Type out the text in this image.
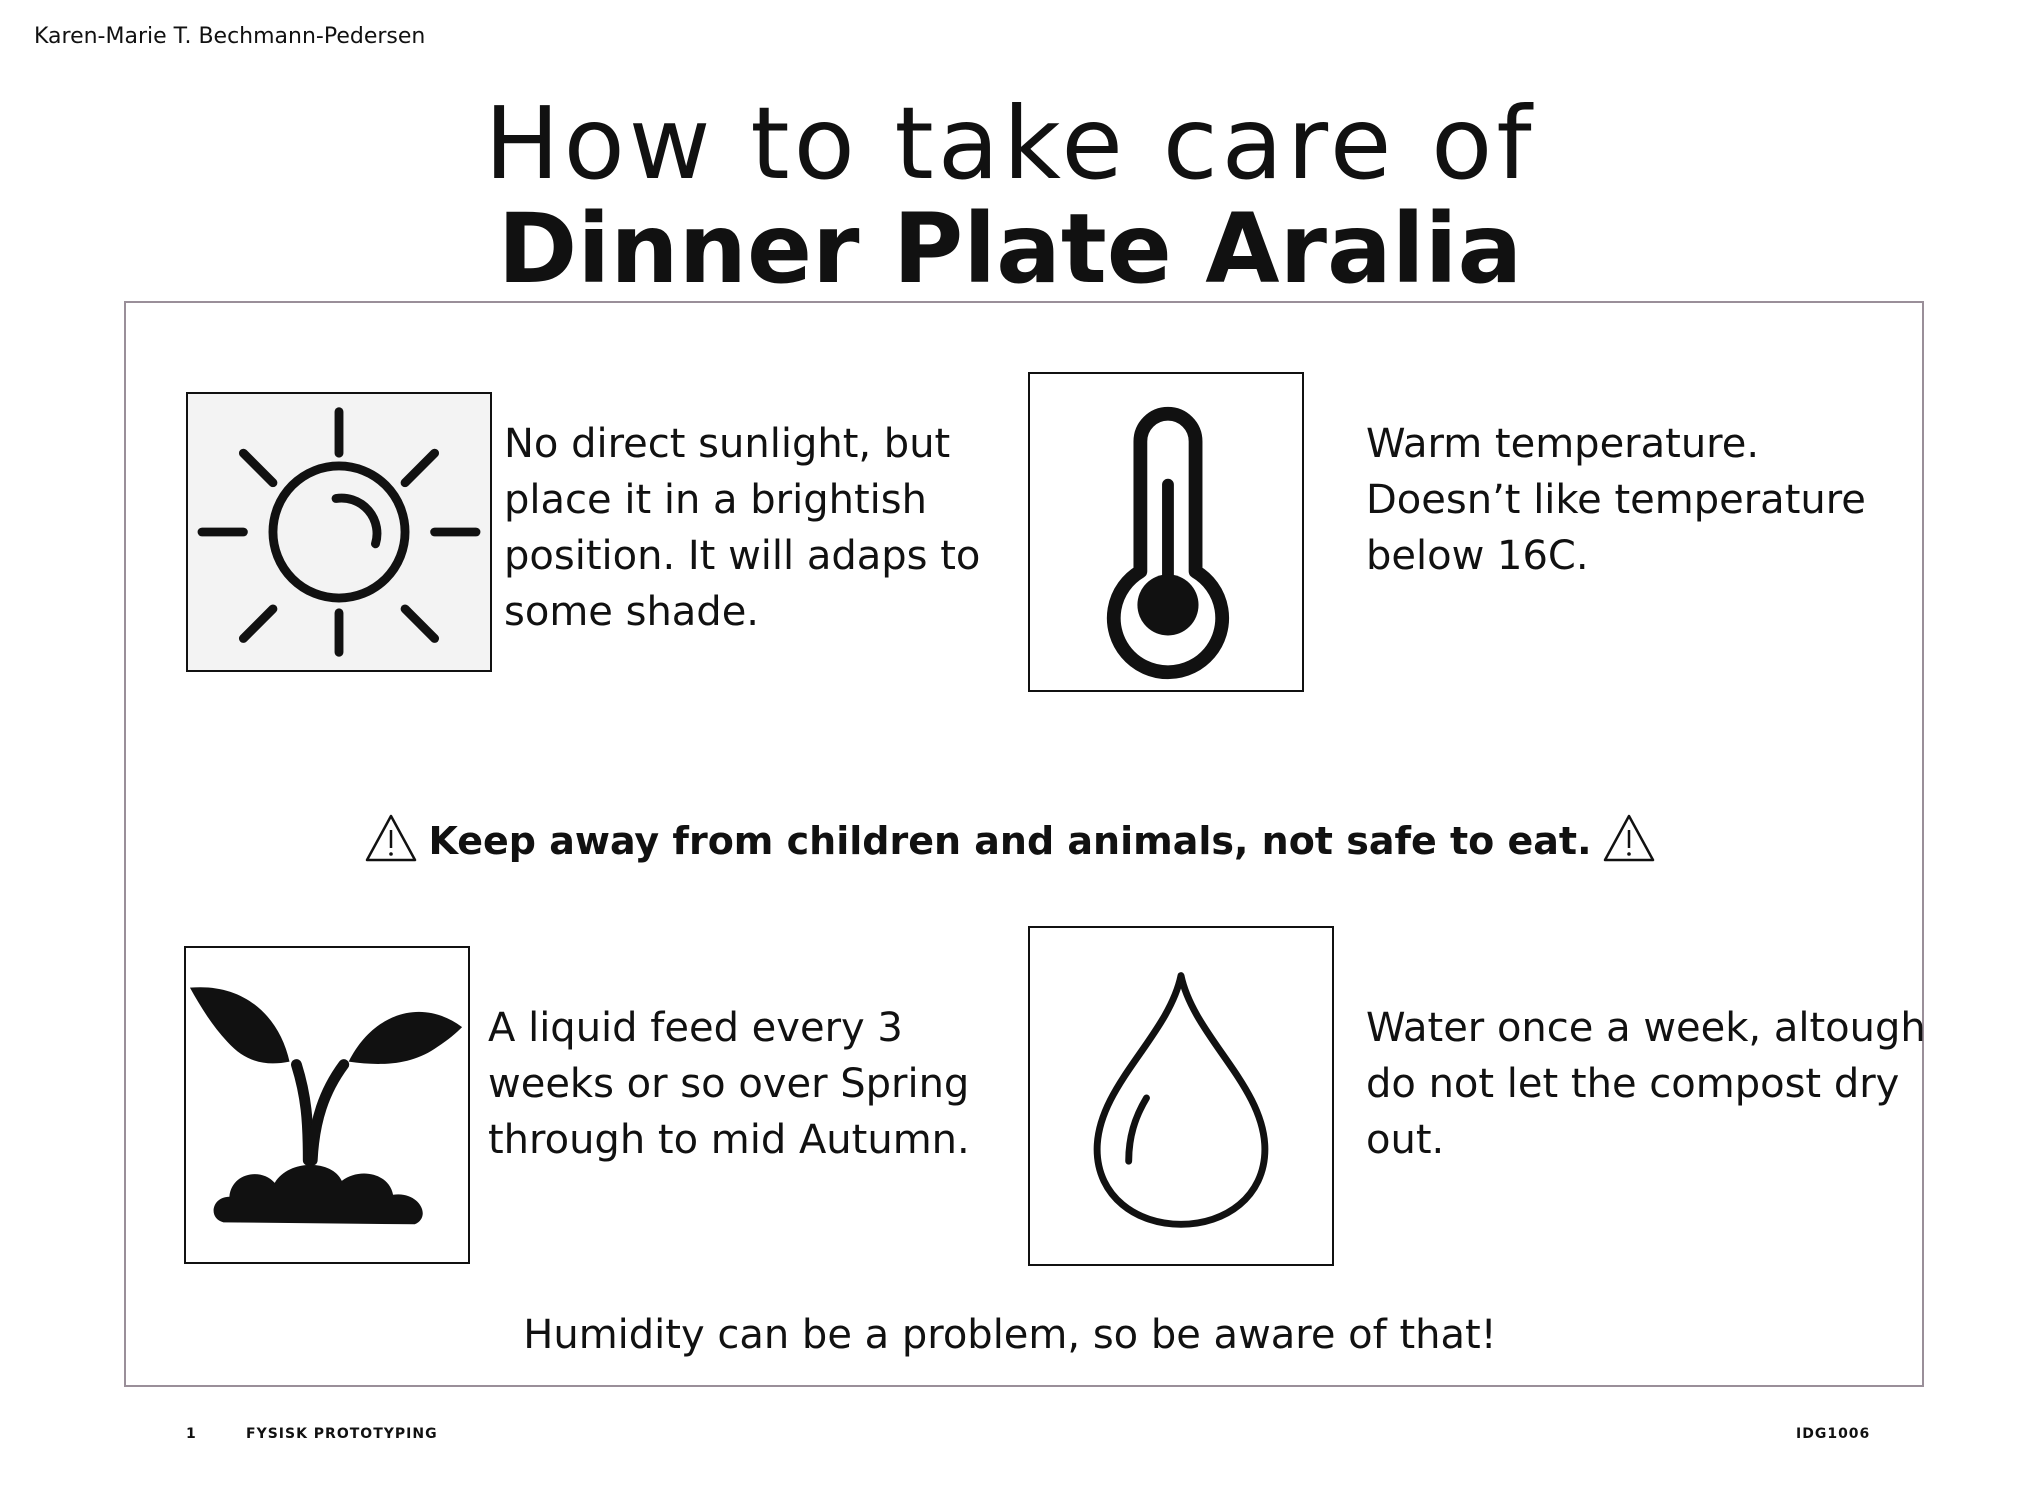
Karen-Marie T. Bechmann-Pedersen
How to take care of
Dinner Plate Aralia
No direct sunlight, but place it in a brightish position. It will adaps to some shade.
Warm temperature. Doesn’t like temperature below 16C.
Keep away from children and animals, not safe to eat.
A liquid feed every 3 weeks or so over Spring through to mid Autumn.
Water once a week, altough do not let the compost dry out.
Humidity can be a problem, so be aware of that!
1	FYSISK PROTOTYPING	IDG1006
